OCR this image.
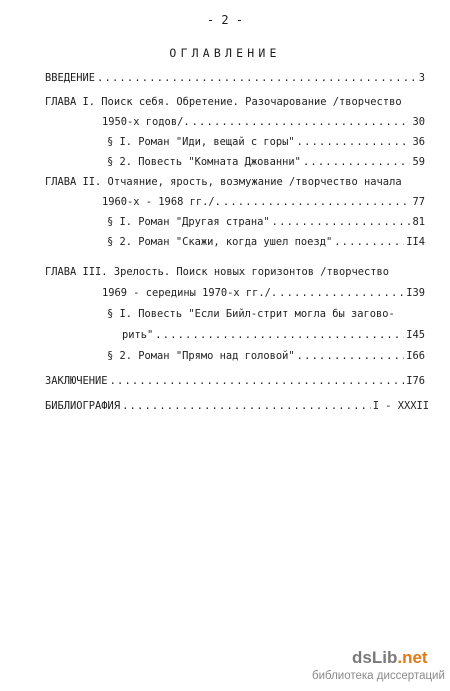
- 2 -
ОГЛАВЛЕНИЕ
ВВЕДЕНИЕ .....	3
ГЛАВА I. Поиск себя. Обретение. Разочарование /творчество
1950-х годов/. .....	30
§ I. Роман "Иди, вещай с горы" .....	36
§ 2. Повесть "Комната Джованни" .....	59
ГЛАВА II. Отчаяние, ярость, возмужание /творчество начала
1960-х - 1968 гг./. .....	77
§ I. Роман "Другая страна" .....	81
§ 2. Роман "Скажи, когда ушел поезд" .....	II4
ГЛАВА III. Зрелость. Поиск новых горизонтов /творчество
1969 - середины 1970-х гг./. .....	I39
§ I. Повесть "Если Бийл-стрит могла бы загово-
рить" .....	I45
§ 2. Роман "Прямо над головой" .....	I66
ЗАКЛЮЧЕНИЕ .....	I76
БИБЛИОГРАФИЯ .....	I - XXXII
dsLib.net
библиотека диссертаций
